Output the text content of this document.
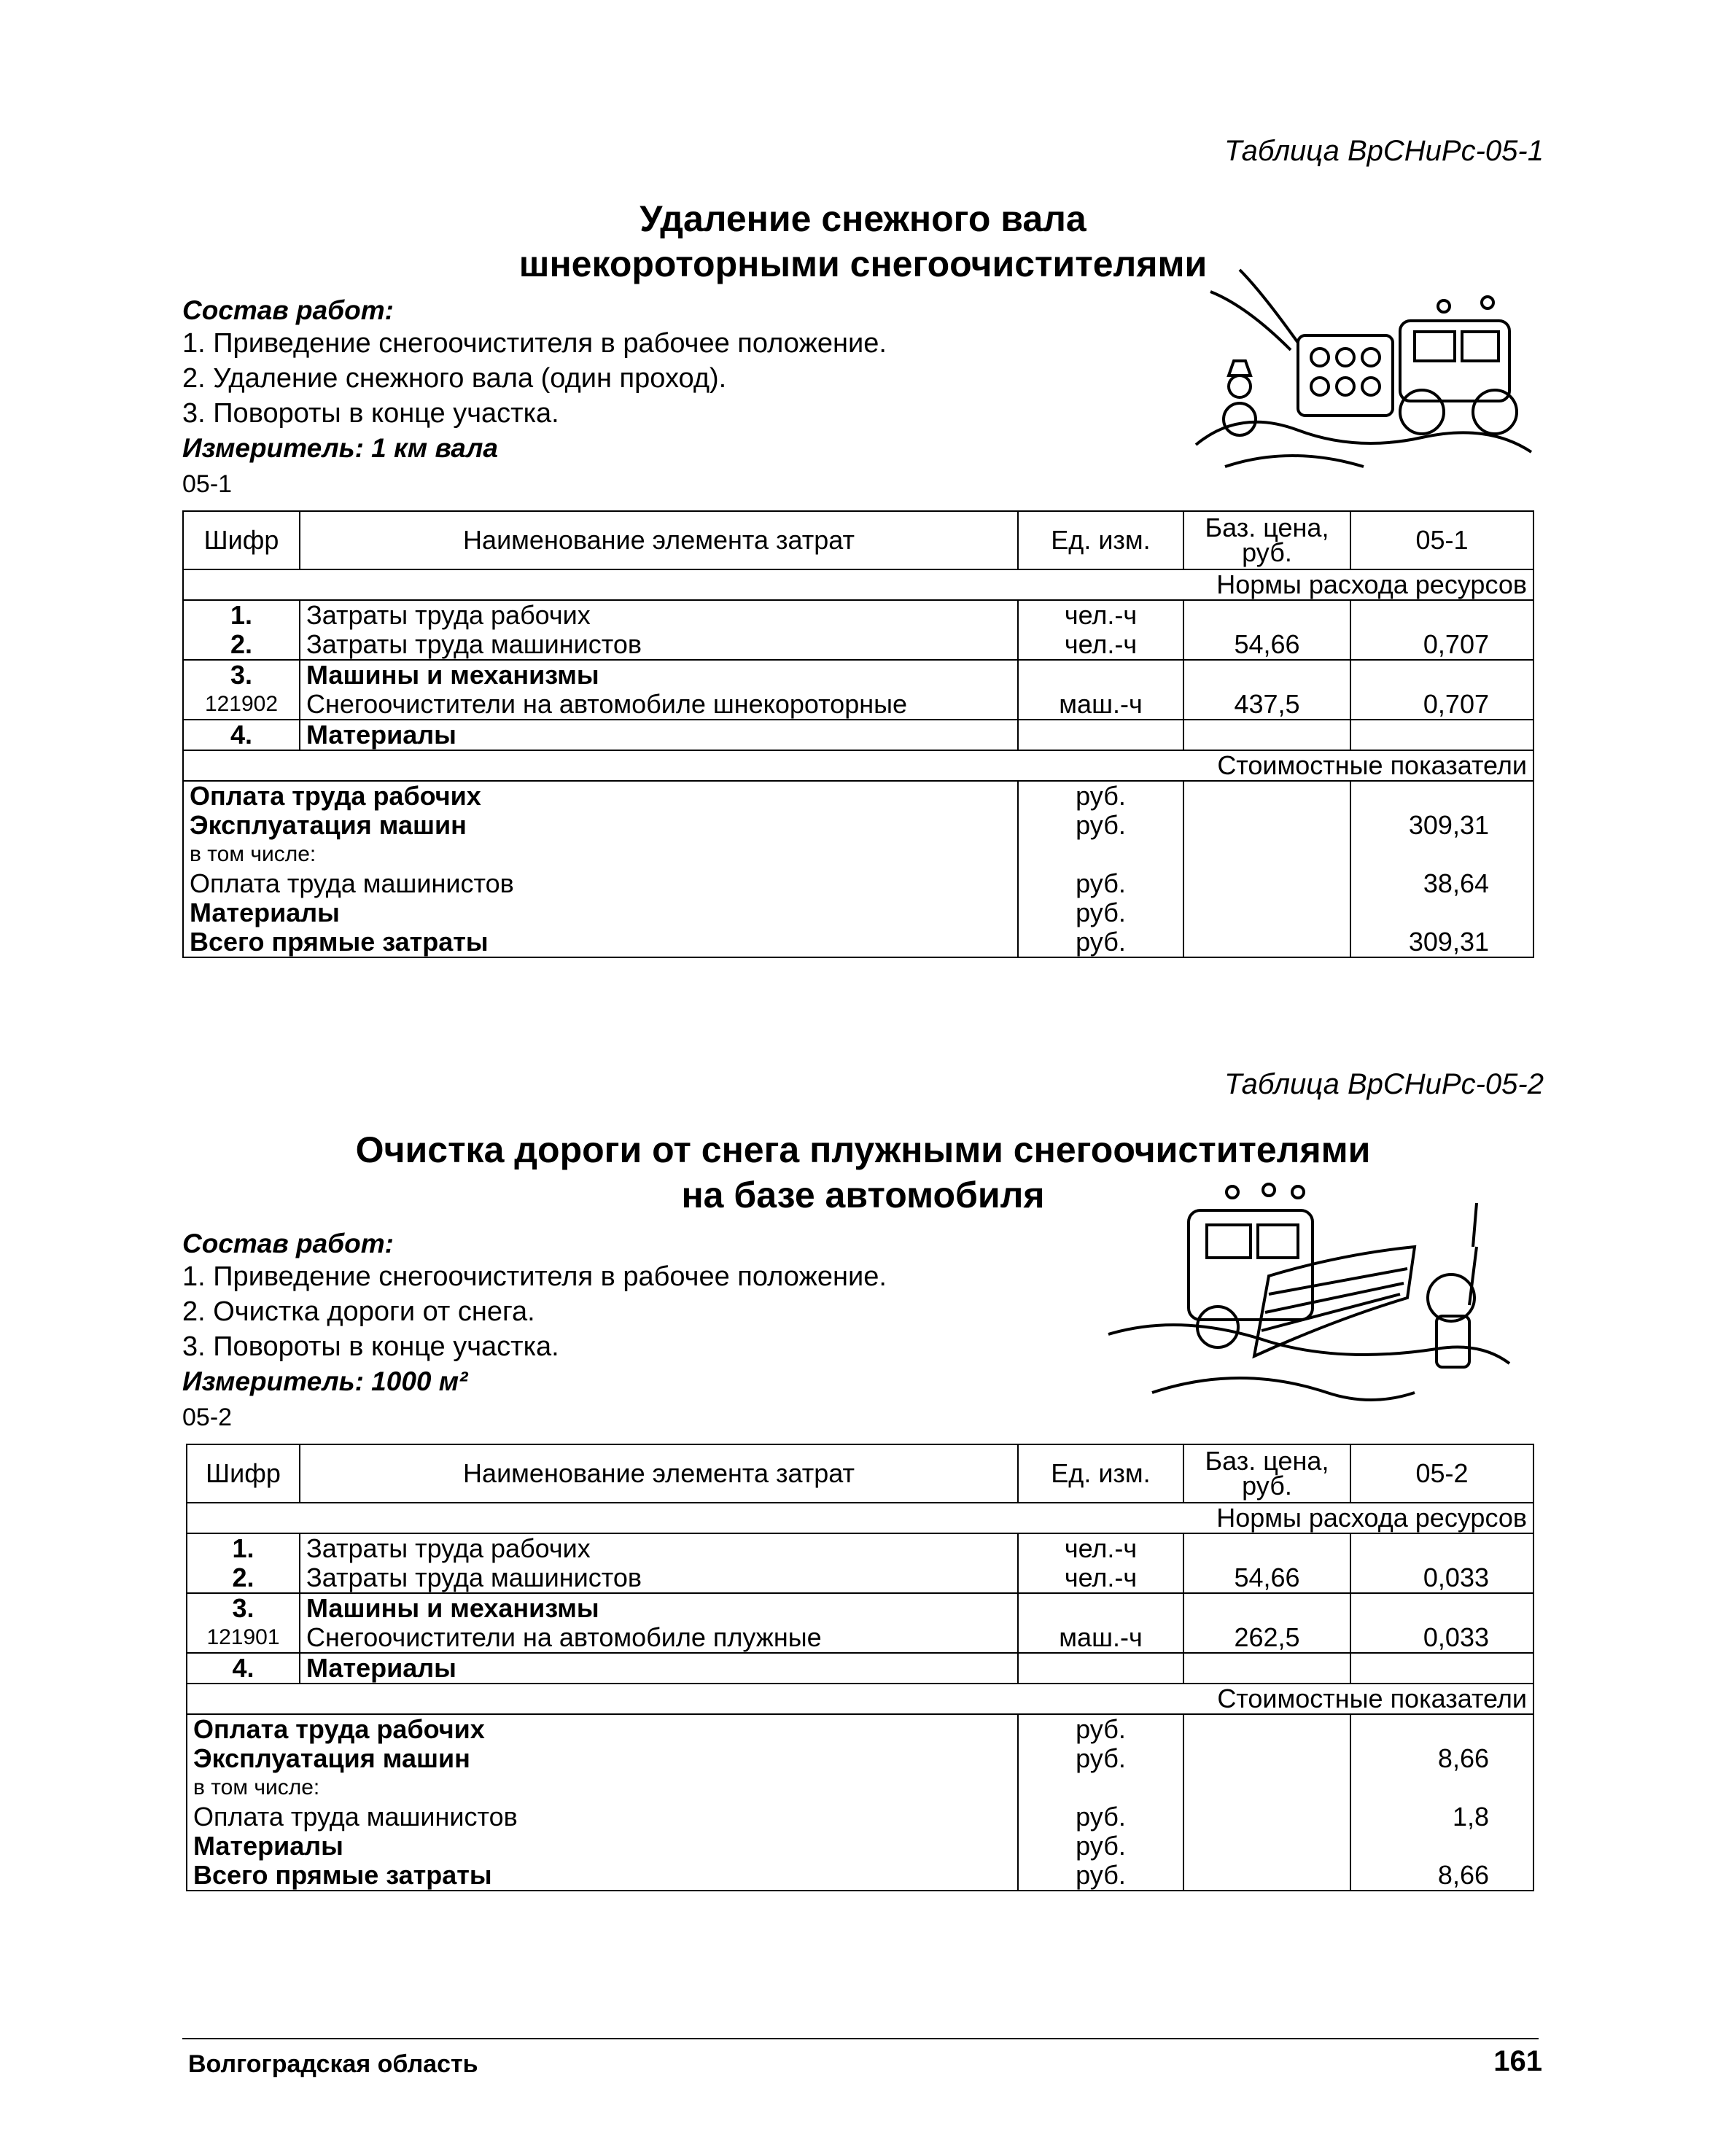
Таблица ВрСНиРс-05-1
Удаление снежного вала
шнекороторными снегоочистителями
Состав работ:
1. Приведение снегоочистителя в рабочее положение.
2. Удаление снежного вала (один проход).
3. Повороты в конце участка.
Измеритель: 1 км вала
05-1
Шифр	Наименование элемента затрат	Ед. изм.	Баз. цена, руб.	05-1
Нормы расхода ресурсов				
1.	Затраты труда рабочих	чел.-ч		
2.	Затраты труда машинистов	чел.-ч	54,66	0,707
3.	Машины и механизмы			
121902	Снегоочистители на автомобиле шнекороторные	маш.-ч	437,5	0,707
4.	Материалы			
Стоимостные показатели				
Оплата труда рабочих		руб.		
Эксплуатация машин		руб.		309,31
в том числе:				
Оплата труда машинистов		руб.		38,64
Материалы		руб.		
Всего прямые затраты		руб.		309,31
Таблица ВрСНиРс-05-2
Очистка дороги от снега плужными снегоочистителями
на базе автомобиля
Состав работ:
1. Приведение снегоочистителя в рабочее положение.
2. Очистка дороги от снега.
3. Повороты в конце участка.
Измеритель: 1000 м²
05-2
Шифр	Наименование элемента затрат	Ед. изм.	Баз. цена, руб.	05-2
Нормы расхода ресурсов				
1.	Затраты труда рабочих	чел.-ч		
2.	Затраты труда машинистов	чел.-ч	54,66	0,033
3.	Машины и механизмы			
121901	Снегоочистители на автомобиле плужные	маш.-ч	262,5	0,033
4.	Материалы			
Стоимостные показатели				
Оплата труда рабочих		руб.		
Эксплуатация машин		руб.		8,66
в том числе:				
Оплата труда машинистов		руб.		1,8
Материалы		руб.		
Всего прямые затраты		руб.		8,66
Волгоградская область	161
